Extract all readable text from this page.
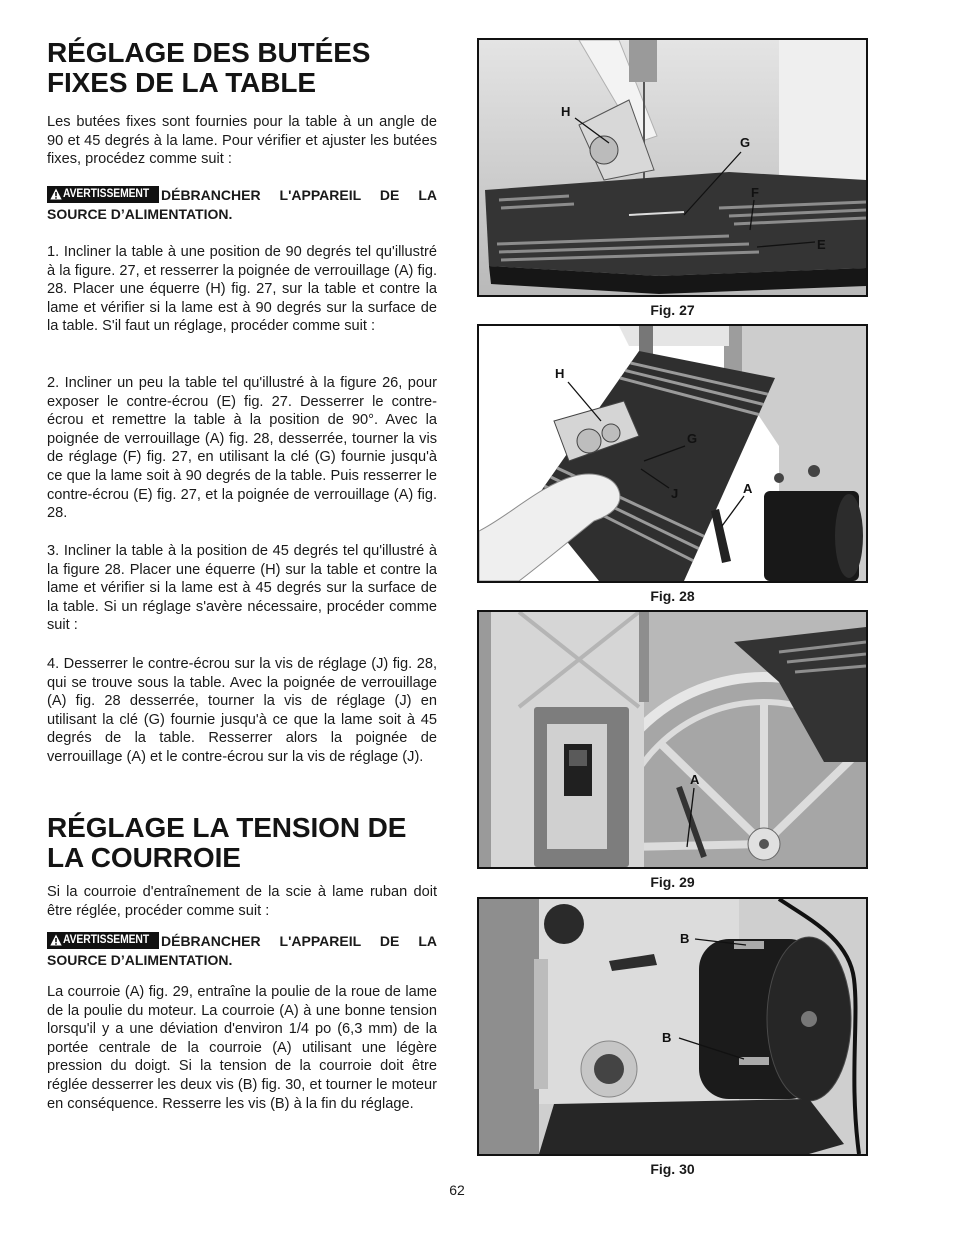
RÉGLAGE DES BUTÉES
FIXES DE LA TABLE

Les butées fixes sont fournies pour la table à un angle de 90 et 45 degrés à la lame. Pour vérifier et ajuster les butées fixes, procédez comme suit :

AVERTISSEMENT DÉBRANCHER L'APPAREIL DE LA SOURCE D’ALIMENTATION.

1. Incliner la table à une position de 90 degrés tel qu'illustré à la figure. 27, et resserrer la poignée de verrouillage (A) fig. 28. Placer une équerre (H) fig. 27, sur la table et contre la lame et vérifier si la lame est à 90 degrés sur la surface de la table. S'il faut un réglage, procéder comme suit :

2. Incliner un peu la table tel qu'illustré à la figure 26, pour exposer le contre-écrou (E) fig. 27. Desserrer le contre-écrou et remettre la table à la position de 90°. Avec la poignée de verrouillage (A) fig. 28, desserrée, tourner la vis de réglage (F) fig. 27, en utilisant la clé (G) fournie jusqu'à ce que la lame soit à 90 degrés de la table. Puis resserrer le contre-écrou (E) fig. 27, et la poignée de verrouillage (A) fig. 28.

3. Incliner la table à la position de 45 degrés tel qu'illustré à la figure 28. Placer une équerre (H) sur la table et contre la lame et vérifier si la lame est à 45 degrés sur la surface de la table. Si un réglage s'avère nécessaire, procéder comme suit :

4. Desserrer le contre-écrou sur la vis de réglage (J) fig. 28, qui se trouve sous la table. Avec la poignée de verrouillage (A) fig. 28 desserrée, tourner la vis de réglage (J) en utilisant la clé (G) fournie jusqu'à ce que la lame soit à 45 degrés de la table. Resserrer alors la poignée de verrouillage (A) et le contre-écrou sur la vis de réglage (J).

RÉGLAGE LA TENSION DE
LA COURROIE

Si la courroie d'entraînement de la scie à lame ruban doit être réglée, procéder comme suit :

AVERTISSEMENT DÉBRANCHER L'APPAREIL DE LA SOURCE D’ALIMENTATION.

La courroie (A) fig. 29, entraîne la poulie de la roue de lame de la poulie du moteur. La courroie (A) à une bonne tension lorsqu'il y a une déviation d'environ 1/4 po (6,3 mm) de la portée centrale de la courroie (A) utilisant une légère pression du doigt. Si la tension de la courroie doit être réglée desserrer les deux vis (B) fig. 30, et tourner le moteur en conséquence. Resserre les vis (B) à la fin du réglage.

H
G
F
E
Fig. 27
H
G
J	A
Fig. 28
A
Fig. 29
B
B
Fig. 30
62
